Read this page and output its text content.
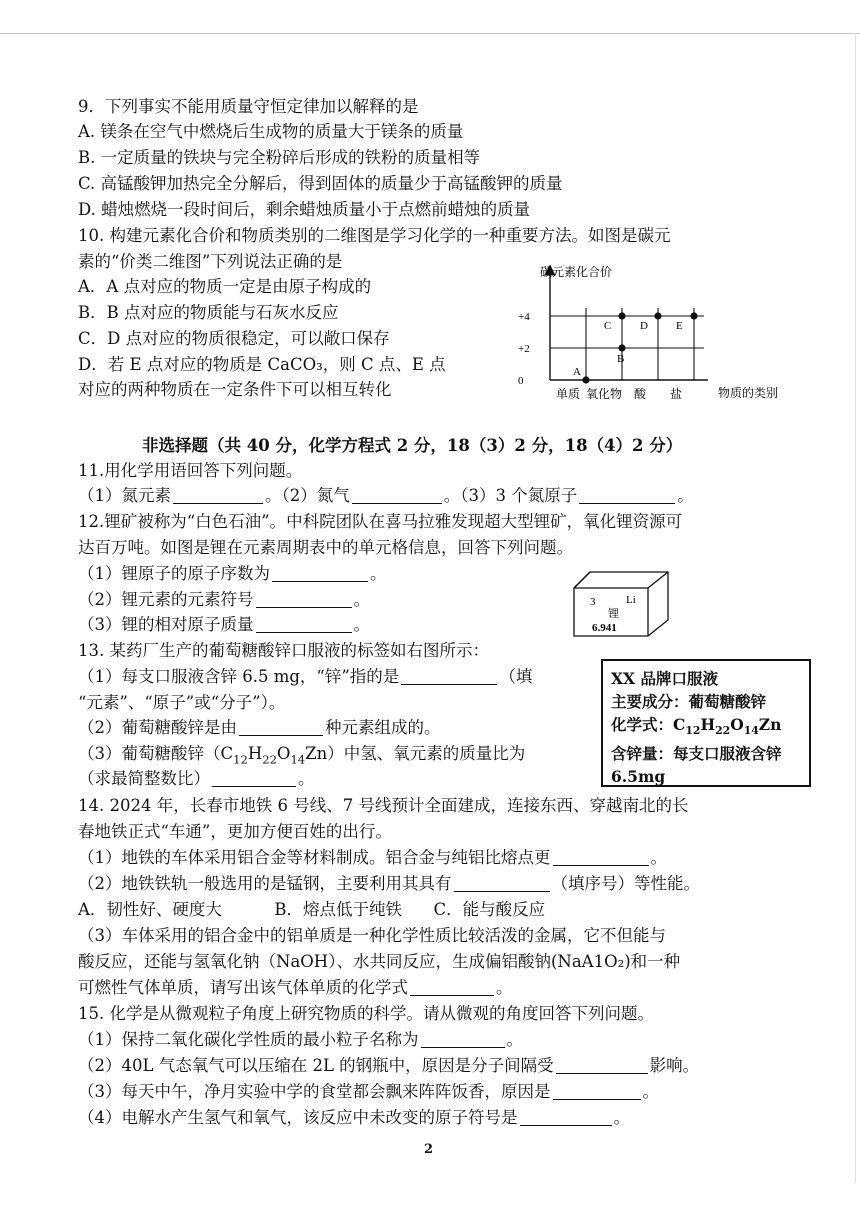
9．下列事实不能用质量守恒定律加以解释的是
A. 镁条在空气中燃烧后生成物的质量大于镁条的质量
B. 一定质量的铁块与完全粉碎后形成的铁粉的质量相等
C. 高锰酸钾加热完全分解后，得到固体的质量少于高锰酸钾的质量
D. 蜡烛燃烧一段时间后，剩余蜡烛质量小于点燃前蜡烛的质量
10. 构建元素化合价和物质类别的二维图是学习化学的一种重要方法。如图是碳元
素的“价类二维图”下列说法正确的是
A．A 点对应的物质一定是由原子构成的
B．B 点对应的物质能与石灰水反应
C．D 点对应的物质很稳定，可以敞口保存
D．若 E 点对应的物质是 CaCO₃，则 C 点、E 点
对应的两种物质在一定条件下可以相互转化
碳元素化合价
物质的类别
+4
+2
0
单质 氧化物 酸 盐
A
B
C	D	E
非选择题（共 40 分，化学方程式 2 分，18（3）2 分，18（4）2 分）
11.用化学用语回答下列问题。
（1）氮元素	。（2）氮气	。（3）3 个氮原子	。
12.锂矿被称为“白色石油”。中科院团队在喜马拉雅发现超大型锂矿，氧化锂资源可
达百万吨。如图是锂在元素周期表中的单元格信息，回答下列问题。
（1）锂原子的原子序数为	。
（2）锂元素的元素符号	。
（3）锂的相对原子质量	。
3	Li
锂
6.941
13. 某药厂生产的葡萄糖酸锌口服液的标签如右图所示：
（1）每支口服液含锌 6.5 mg，“锌”指的是	（填
“元素”、“原子”或“分子”）。
（2）葡萄糖酸锌是由	种元素组成的。
（3）葡萄糖酸锌$(C_{12}H_{22}O_{14}Zn)$中氢、氧元素的质量比为
（求最简整数比）	。
XX 品牌口服液
主要成分：葡萄糖酸锌
化学式：$C_{12}H_{22}O_{14}Zn$
含锌量：每支口服液含锌
6.5mg
14. 2024 年，长春市地铁 6 号线、7 号线预计全面建成，连接东西、穿越南北的长
春地铁正式“车通”，更加方便百姓的出行。
（1）地铁的车体采用铝合金等材料制成。铝合金与纯铝比熔点更	。
（2）地铁铁轨一般选用的是锰钢，主要利用其具有	（填序号）等性能。
A．韧性好、硬度大          B．熔点低于纯铁      C．能与酸反应
（3）车体采用的铝合金中的铝单质是一种化学性质比较活泼的金属，它不但能与
酸反应，还能与氢氧化钠（NaOH）、水共同反应，生成偏铝酸钠(NaA1O₂)和一种
可燃性气体单质，请写出该气体单质的化学式	。
15. 化学是从微观粒子角度上研究物质的科学。请从微观的角度回答下列问题。
（1）保持二氧化碳化学性质的最小粒子名称为	。
（2）40L 气态氧气可以压缩在 2L 的钢瓶中，原因是分子间隔受	影响。
（3）每天中午，净月实验中学的食堂都会飘来阵阵饭香，原因是	。
（4）电解水产生氢气和氧气，该反应中未改变的原子符号是	。
2
